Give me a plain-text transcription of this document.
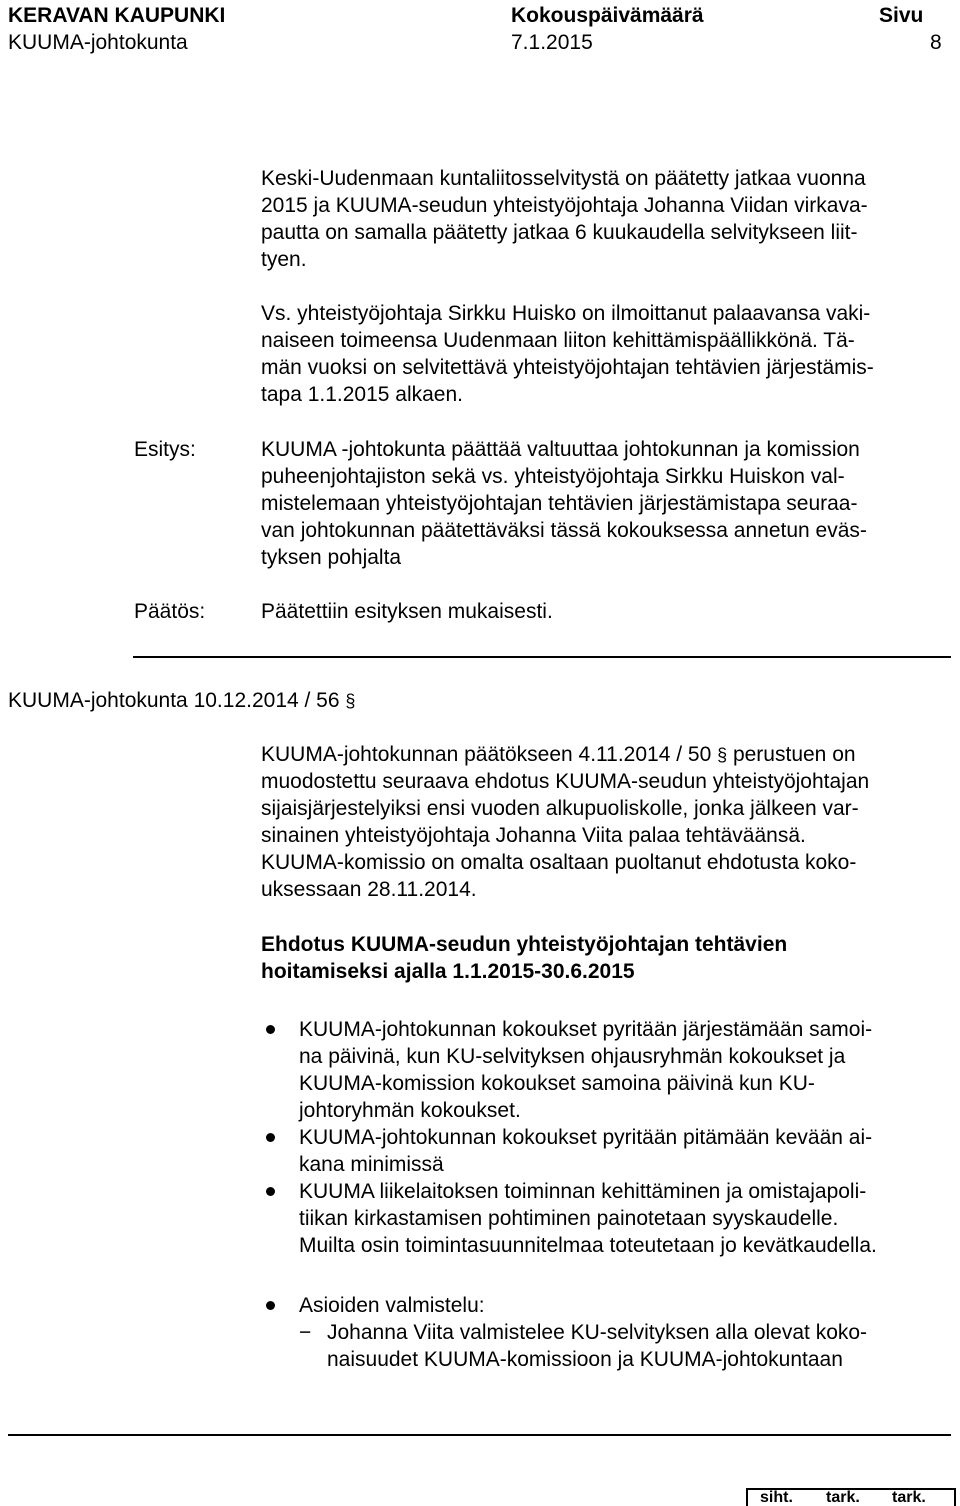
KERAVAN KAUPUNKI
KUUMA-johtokunta
Kokouspäivämäärä
7.1.2015
Sivu
8
Keski-Uudenmaan kuntaliitosselvitystä on päätetty jatkaa vuonna
2015 ja KUUMA-seudun yhteistyöjohtaja Johanna Viidan virkava-
pautta on samalla päätetty jatkaa 6 kuukaudella selvitykseen liit-
tyen.
Vs. yhteistyöjohtaja Sirkku Huisko on ilmoittanut palaavansa vaki-
naiseen toimeensa Uudenmaan liiton kehittämispäällikkönä. Tä-
män vuoksi on selvitettävä yhteistyöjohtajan tehtävien järjestämis-
tapa 1.1.2015 alkaen.
Esitys:	KUUMA -johtokunta päättää valtuuttaa johtokunnan ja komission
puheenjohtajiston sekä vs. yhteistyöjohtaja Sirkku Huiskon val-
mistelemaan yhteistyöjohtajan tehtävien järjestämistapa seuraa-
van johtokunnan päätettäväksi tässä kokouksessa annetun eväs-
tyksen pohjalta
Päätös:	Päätettiin esityksen mukaisesti.
KUUMA-johtokunta 10.12.2014 / 56 §
KUUMA-johtokunnan päätökseen 4.11.2014 / 50 § perustuen on
muodostettu seuraava ehdotus KUUMA-seudun yhteistyöjohtajan
sijaisjärjestelyiksi ensi vuoden alkupuoliskolle, jonka jälkeen var-
sinainen yhteistyöjohtaja Johanna Viita palaa tehtäväänsä.
KUUMA-komissio on omalta osaltaan puoltanut ehdotusta koko-
uksessaan 28.11.2014.
Ehdotus KUUMA-seudun yhteistyöjohtajan tehtävien
hoitamiseksi ajalla 1.1.2015-30.6.2015
KUUMA-johtokunnan kokoukset pyritään järjestämään samoi-
na päivinä, kun KU-selvityksen ohjausryhmän kokoukset ja
KUUMA-komission kokoukset samoina päivinä kun KU-
johtoryhmän kokoukset.
KUUMA-johtokunnan kokoukset pyritään pitämään kevään ai-
kana minimissä
KUUMA liikelaitoksen toiminnan kehittäminen ja omistajapoli-
tiikan kirkastamisen pohtiminen painotetaan syyskaudelle.
Muilta osin toimintasuunnitelmaa toteutetaan jo kevätkaudella.
Asioiden valmistelu:
− Johanna Viita valmistelee KU-selvityksen alla olevat koko-
naisuudet KUUMA-komissioon ja KUUMA-johtokuntaan
siht. tark. tark.
